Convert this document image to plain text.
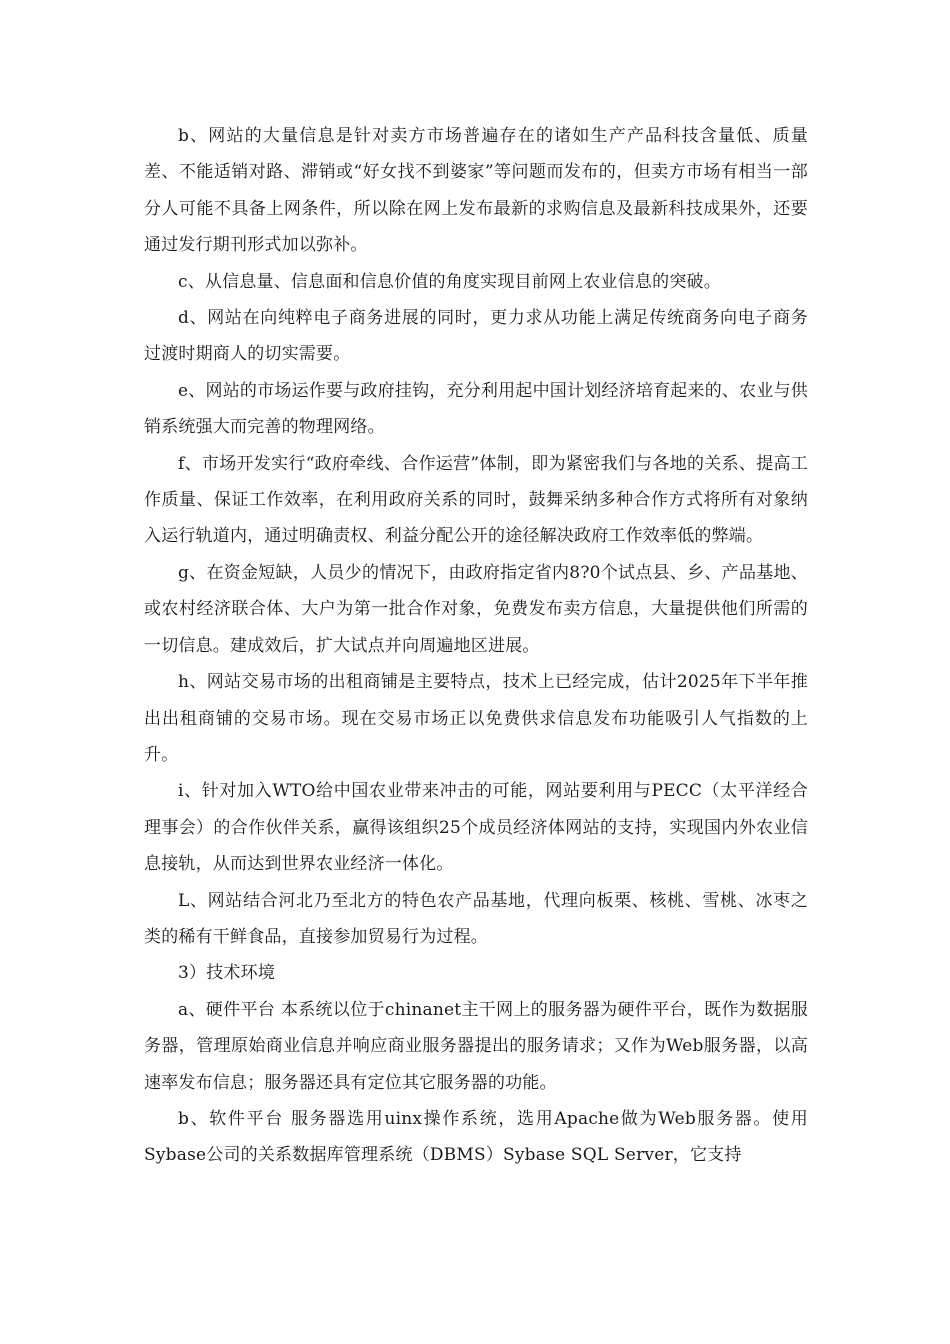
b、网站的大量信息是针对卖方市场普遍存在的诸如生产产品科技含量低、质量差、不能适销对路、滞销或“好女找不到婆家”等问题而发布的，但卖方市场有相当一部分人可能不具备上网条件，所以除在网上发布最新的求购信息及最新科技成果外，还要通过发行期刊形式加以弥补。

c、从信息量、信息面和信息价值的角度实现目前网上农业信息的突破。

d、网站在向纯粹电子商务进展的同时，更力求从功能上满足传统商务向电子商务过渡时期商人的切实需要。

e、网站的市场运作要与政府挂钩，充分利用起中国计划经济培育起来的、农业与供销系统强大而完善的物理网络。

f、市场开发实行“政府牵线、合作运营”体制，即为紧密我们与各地的关系、提高工作质量、保证工作效率，在利用政府关系的同时，鼓舞采纳多种合作方式将所有对象纳入运行轨道内，通过明确责权、利益分配公开的途径解决政府工作效率低的弊端。

g、在资金短缺，人员少的情况下，由政府指定省内8?0个试点县、乡、产品基地、或农村经济联合体、大户为第一批合作对象，免费发布卖方信息，大量提供他们所需的一切信息。建成效后，扩大试点并向周遍地区进展。

h、网站交易市场的出租商铺是主要特点，技术上已经完成，估计2025年下半年推出出租商铺的交易市场。现在交易市场正以免费供求信息发布功能吸引人气指数的上升。

i、针对加入WTO给中国农业带来冲击的可能，网站要利用与PECC（太平洋经合理事会）的合作伙伴关系，赢得该组织25个成员经济体网站的支持，实现国内外农业信息接轨，从而达到世界农业经济一体化。

L、网站结合河北乃至北方的特色农产品基地，代理向板栗、核桃、雪桃、冰枣之类的稀有干鲜食品，直接参加贸易行为过程。

3）技术环境

a、硬件平台 本系统以位于chinanet主干网上的服务器为硬件平台，既作为数据服务器，管理原始商业信息并响应商业服务器提出的服务请求；又作为Web服务器，以高速率发布信息；服务器还具有定位其它服务器的功能。

b、软件平台 服务器选用uinx操作系统，选用Apache做为Web服务器。使用Sybase公司的关系数据库管理系统（DBMS）Sybase SQL Server，它支持
